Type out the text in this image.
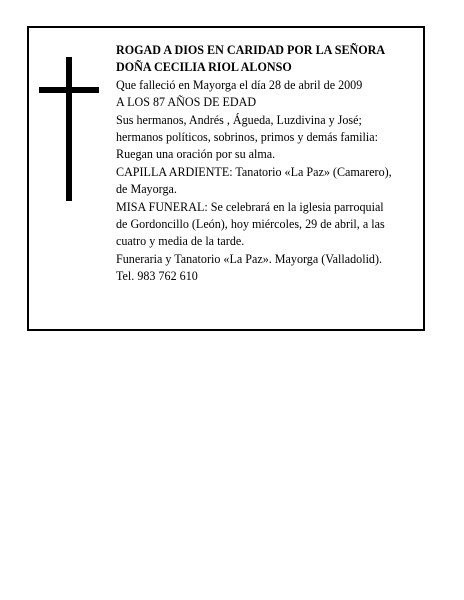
ROGAD A DIOS EN CARIDAD POR LA SEÑORA

DOÑA CECILIA RIOL ALONSO

Que falleció en Mayorga el día 28 de abril de 2009

A LOS 87 AÑOS DE EDAD

Sus hermanos, Andrés , Águeda, Luzdivina y José;

hermanos políticos, sobrinos, primos y demás familia:

Ruegan una oración por su alma.

CAPILLA ARDIENTE: Tanatorio «La Paz» (Camarero),

de Mayorga.

MISA FUNERAL: Se celebrará en la iglesia parroquial

de Gordoncillo (León), hoy miércoles, 29 de abril, a las

cuatro y media de la tarde.

Funeraria y Tanatorio «La Paz». Mayorga (Valladolid).

Tel. 983 762 610
